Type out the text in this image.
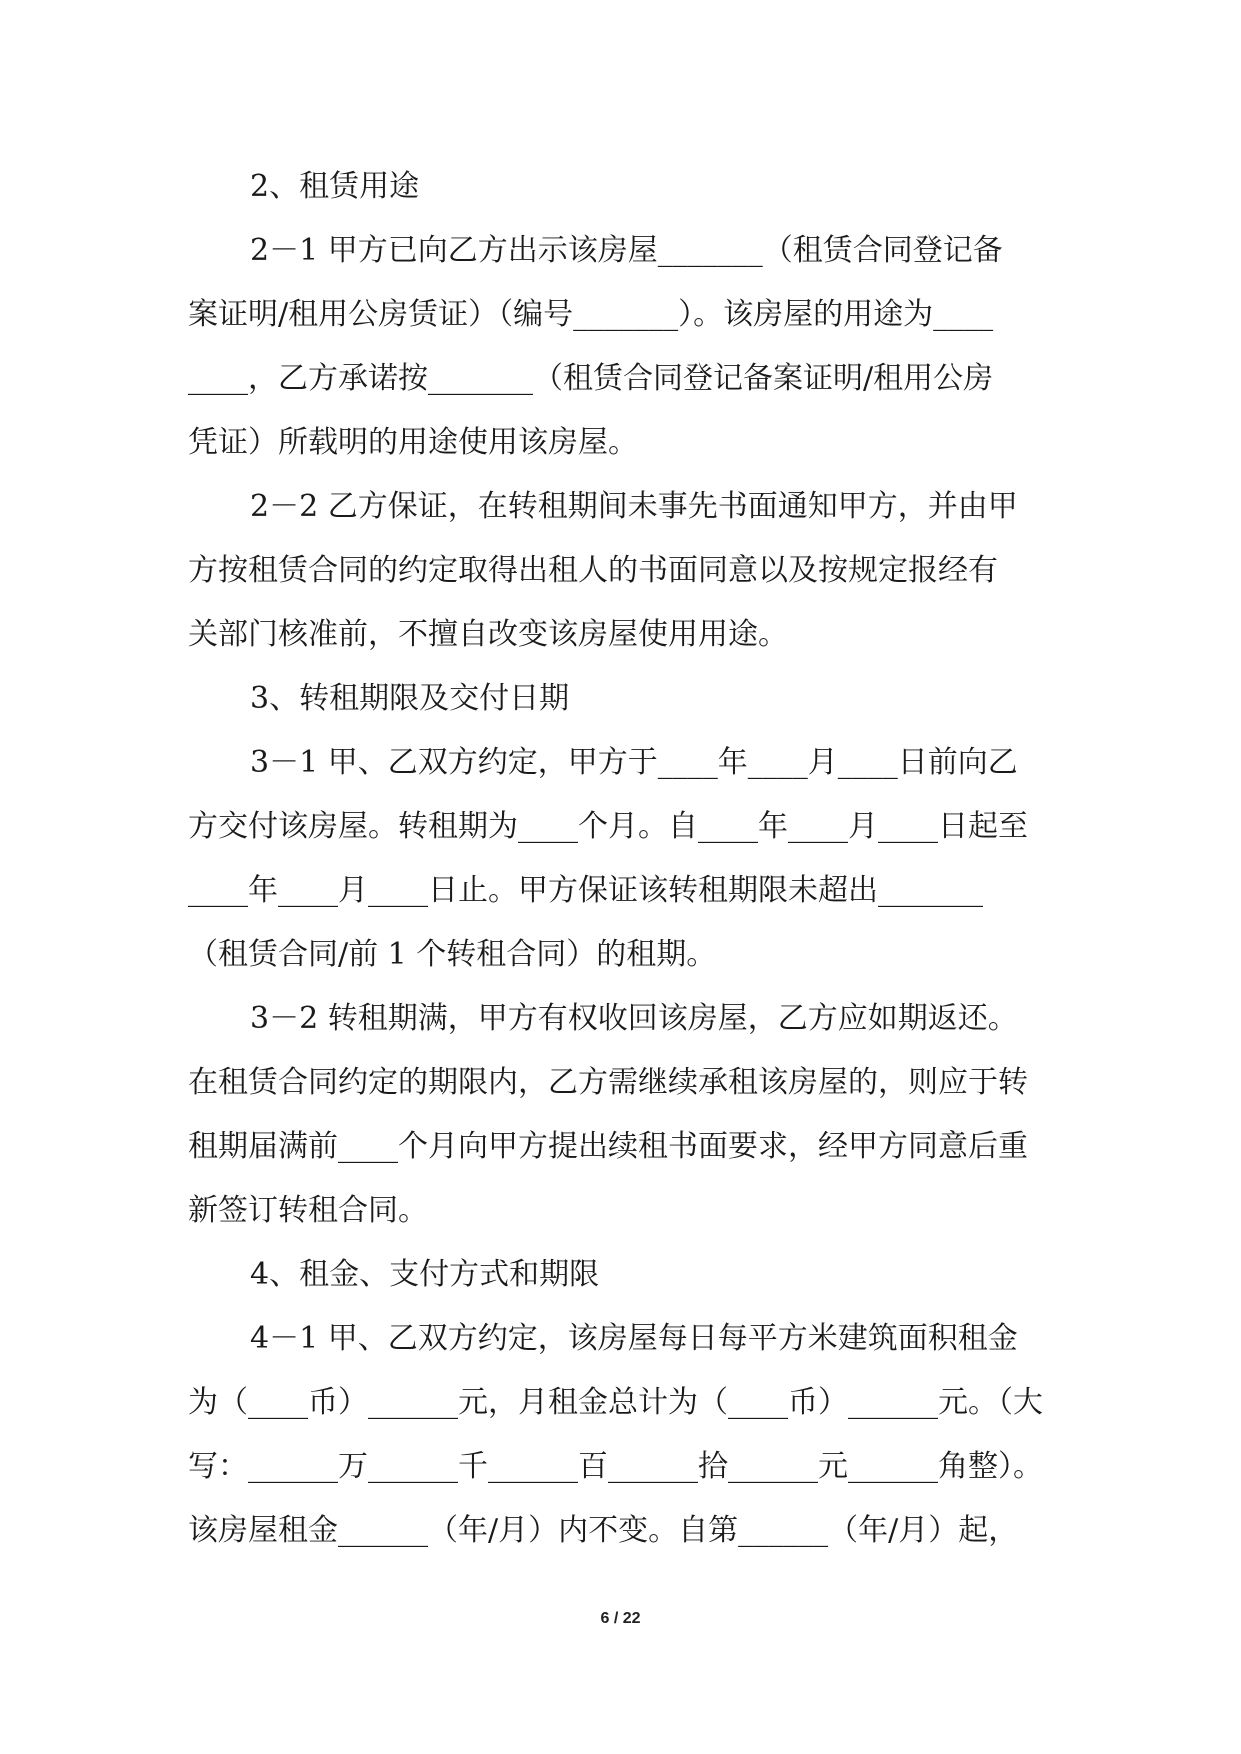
2、租赁用途
2－1 甲方已向乙方出示该房屋_______（租赁合同登记备
案证明/租用公房赁证）（编号_______）。该房屋的用途为____
____，乙方承诺按_______（租赁合同登记备案证明/租用公房
凭证）所载明的用途使用该房屋。
2－2 乙方保证，在转租期间未事先书面通知甲方，并由甲
方按租赁合同的约定取得出租人的书面同意以及按规定报经有
关部门核准前，不擅自改变该房屋使用用途。
3、转租期限及交付日期
3－1 甲、乙双方约定，甲方于____年____月____日前向乙
方交付该房屋。转租期为____个月。自____年____月____日起至
____年____月____日止。甲方保证该转租期限未超出_______
（租赁合同/前 1 个转租合同）的租期。
3－2 转租期满，甲方有权收回该房屋，乙方应如期返还。
在租赁合同约定的期限内，乙方需继续承租该房屋的，则应于转
租期届满前____个月向甲方提出续租书面要求，经甲方同意后重
新签订转租合同。
4、租金、支付方式和期限
4－1 甲、乙双方约定，该房屋每日每平方米建筑面积租金
为（____币）______元，月租金总计为（____币）______元。（大
写：______万______千______百______拾______元______角整）。
该房屋租金______（年/月）内不变。自第______（年/月）起，
6 / 22
